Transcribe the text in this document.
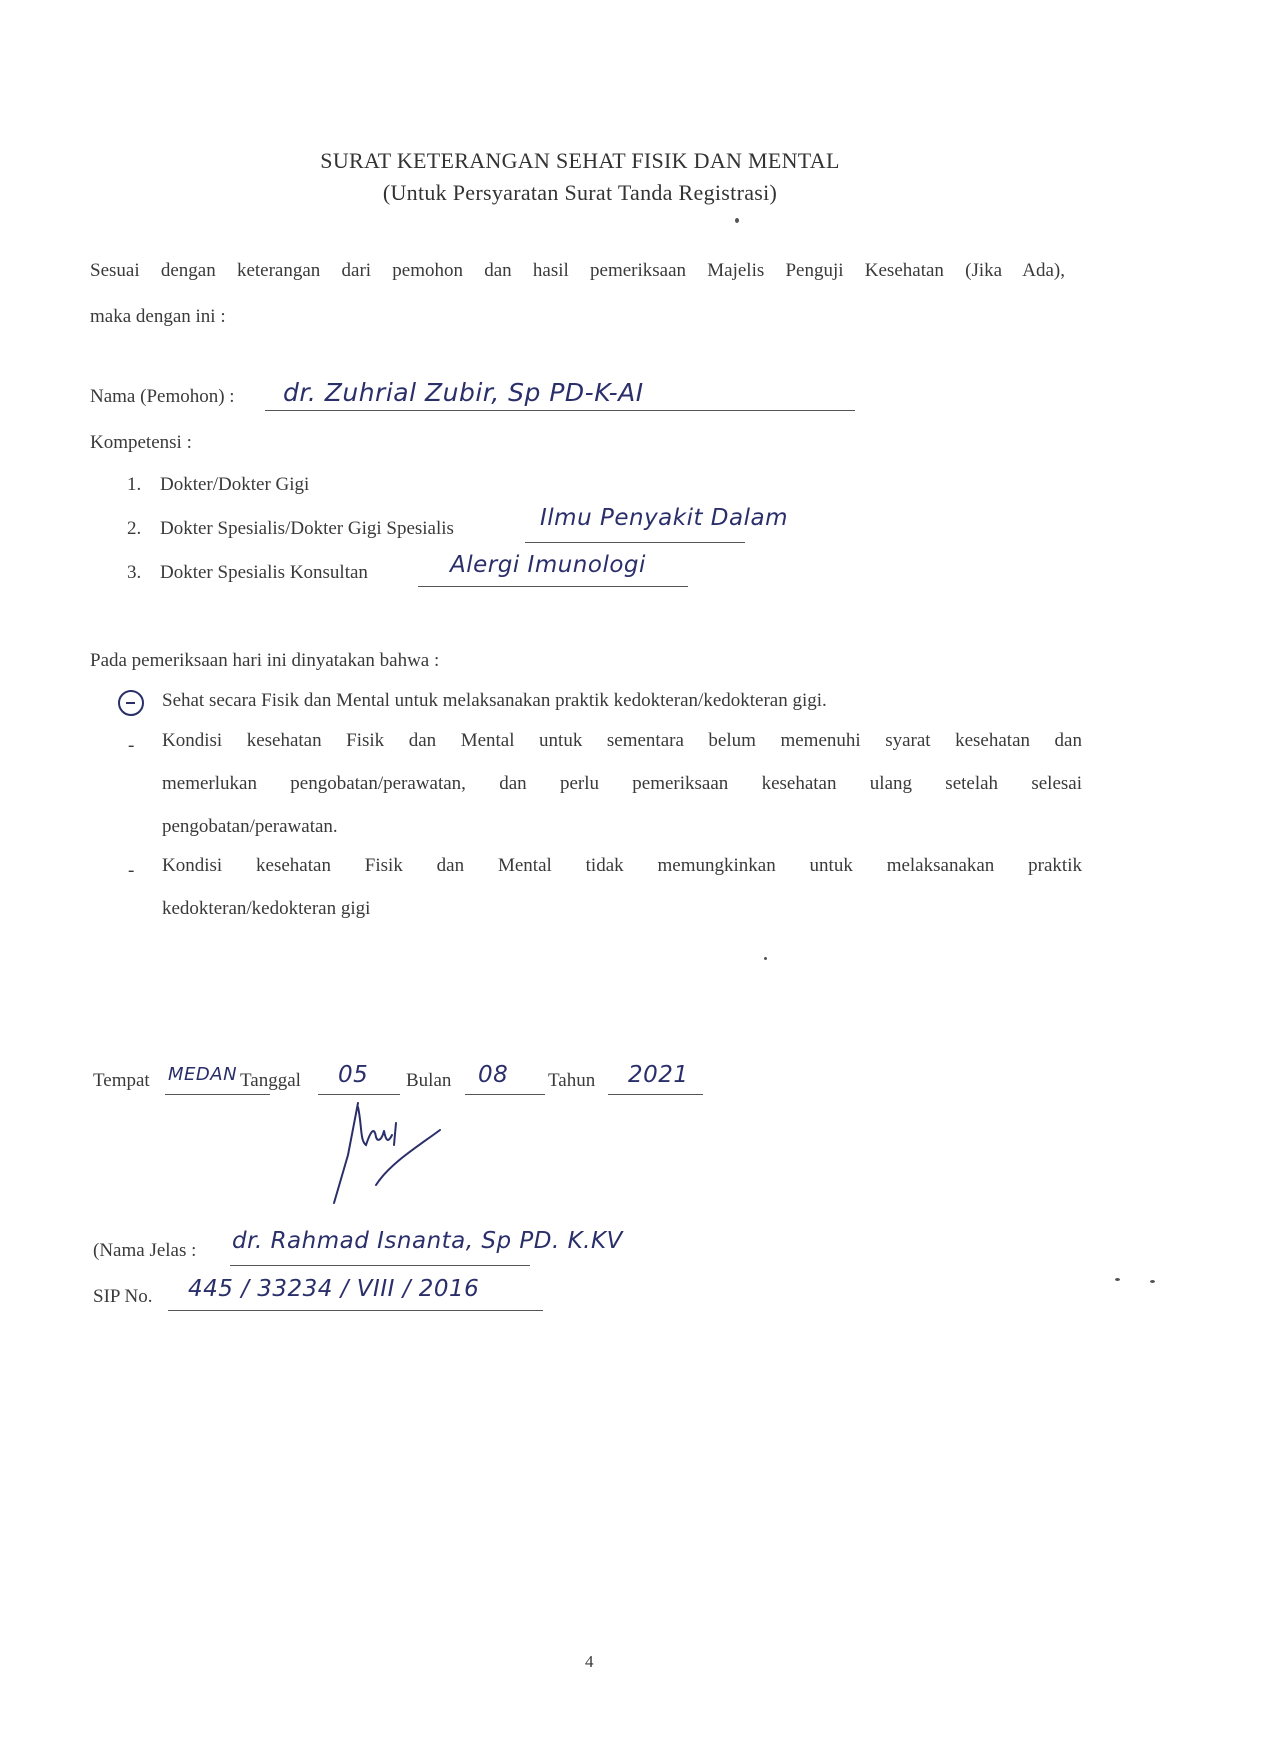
SURAT KETERANGAN SEHAT FISIK DAN MENTAL
(Untuk Persyaratan Surat Tanda Registrasi)
Sesuai dengan keterangan dari pemohon dan hasil pemeriksaan Majelis Penguji Kesehatan (Jika Ada),
maka dengan ini :
Nama (Pemohon) : dr. Zuhrial Zubir, Sp PD-K-AI
Kompetensi :
1. Dokter/Dokter Gigi
2. Dokter Spesialis/Dokter Gigi Spesialis	Ilmu Penyakit Dalam
3. Dokter Spesialis Konsultan	Alergi Imunologi
Pada pemeriksaan hari ini dinyatakan bahwa :
Sehat secara Fisik dan Mental untuk melaksanakan praktik kedokteran/kedokteran gigi.
- Kondisi kesehatan Fisik dan Mental untuk sementara belum memenuhi syarat kesehatan dan
memerlukan pengobatan/perawatan, dan perlu pemeriksaan kesehatan ulang setelah selesai
pengobatan/perawatan.
- Kondisi kesehatan Fisik dan Mental tidak memungkinkan untuk melaksanakan praktik
kedokteran/kedokteran gigi
Tempat MEDAN Tanggal 05 Bulan 08 Tahun 2021
(Nama Jelas : dr. Rahmad Isnanta, Sp PD. K.KV
SIP No. 445 / 33234 / VIII / 2016
4
